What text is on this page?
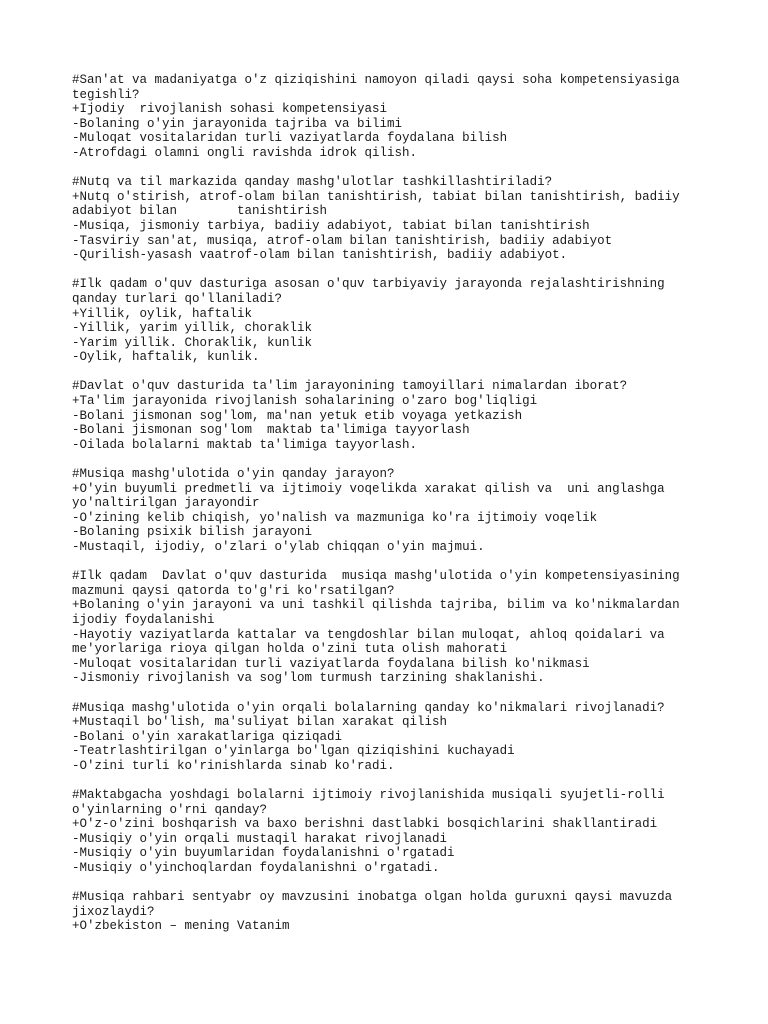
#San'at va madaniyatga o'z qiziqishini namoyon qiladi qaysi soha kompetensiyasiga tegishli?

+Ijodiy  rivojlanish sohasi kompetensiyasi

-Bolaning o'yin jarayonida tajriba va bilimi

-Muloqat vositalaridan turli vaziyatlarda foydalana bilish

-Atrofdagi olamni ongli ravishda idrok qilish.

#Nutq va til markazida qanday mashg'ulotlar tashkillashtiriladi?

+Nutq o'stirish, atrof-olam bilan tanishtirish, tabiat bilan tanishtirish, badiiy adabiyot bilan        tanishtirish

-Musiqa, jismoniy tarbiya, badiiy adabiyot, tabiat bilan tanishtirish

-Tasviriy san'at, musiqa, atrof-olam bilan tanishtirish, badiiy adabiyot

-Qurilish-yasash vaatrof-olam bilan tanishtirish, badiiy adabiyot.

#Ilk qadam o'quv dasturiga asosan o'quv tarbiyaviy jarayonda rejalashtirishning qanday turlari qo'llaniladi?

+Yillik, oylik, haftalik

-Yillik, yarim yillik, choraklik

-Yarim yillik. Choraklik, kunlik

-Oylik, haftalik, kunlik.

#Davlat o'quv dasturida ta'lim jarayonining tamoyillari nimalardan iborat?

+Ta'lim jarayonida rivojlanish sohalarining o'zaro bog'liqligi

-Bolani jismonan sog'lom, ma'nan yetuk etib voyaga yetkazish

-Bolani jismonan sog'lom  maktab ta'limiga tayyorlash

-Oilada bolalarni maktab ta'limiga tayyorlash.

#Musiqa mashg'ulotida o'yin qanday jarayon?

+O'yin buyumli predmetli va ijtimoiy voqelikda xarakat qilish va  uni anglashga yo'naltirilgan jarayondir

-O'zining kelib chiqish, yo'nalish va mazmuniga ko'ra ijtimoiy voqelik

-Bolaning psixik bilish jarayoni

-Mustaqil, ijodiy, o'zlari o'ylab chiqqan o'yin majmui.

#Ilk qadam  Davlat o'quv dasturida  musiqa mashg'ulotida o'yin kompetensiyasining mazmuni qaysi qatorda to'g'ri ko'rsatilgan?

+Bolaning o'yin jarayoni va uni tashkil qilishda tajriba, bilim va ko'nikmalardan ijodiy foydalanishi

-Hayotiy vaziyatlarda kattalar va tengdoshlar bilan muloqat, ahloq qoidalari va me'yorlariga rioya qilgan holda o'zini tuta olish mahorati

-Muloqat vositalaridan turli vaziyatlarda foydalana bilish ko'nikmasi

-Jismoniy rivojlanish va sog'lom turmush tarzining shaklanishi.

#Musiqa mashg'ulotida o'yin orqali bolalarning qanday ko'nikmalari rivojlanadi?

+Mustaqil bo'lish, ma'suliyat bilan xarakat qilish

-Bolani o'yin xarakatlariga qiziqadi

-Teatrlashtirilgan o'yinlarga bo'lgan qiziqishini kuchayadi

-O'zini turli ko'rinishlarda sinab ko'radi.

#Maktabgacha yoshdagi bolalarni ijtimoiy rivojlanishida musiqali syujetli-rolli o'yinlarning o'rni qanday?

+O'z-o'zini boshqarish va baxo berishni dastlabki bosqichlarini shakllantiradi

-Musiqiy o'yin orqali mustaqil harakat rivojlanadi

-Musiqiy o'yin buyumlaridan foydalanishni o'rgatadi

-Musiqiy o'yinchoqlardan foydalanishni o'rgatadi.

#Musiqa rahbari sentyabr oy mavzusini inobatga olgan holda guruxni qaysi mavuzda jixozlaydi?

+O'zbekiston – mening Vatanim
